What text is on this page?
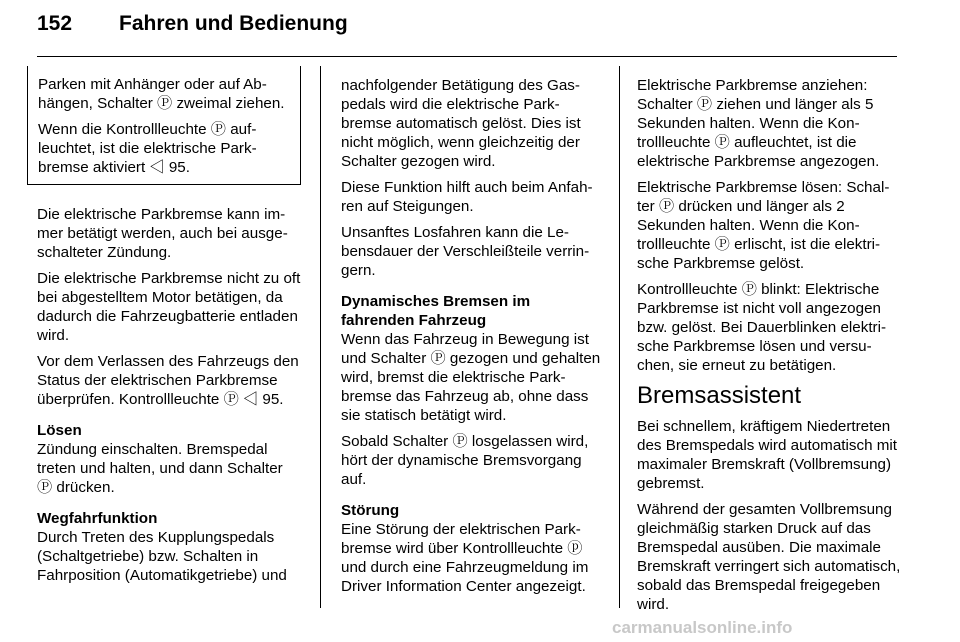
152 Fahren und Bedienung

Parken mit Anhänger oder auf Abhängen, Schalter Ⓟ zweimal ziehen.

Wenn die Kontrollleuchte Ⓟ aufleuchtet, ist die elektrische Parkbremse aktiviert ◁ 95.

Die elektrische Parkbremse kann immer betätigt werden, auch bei ausgeschalteter Zündung.

Die elektrische Parkbremse nicht zu oft bei abgestelltem Motor betätigen, da dadurch die Fahrzeugbatterie entladen wird.

Vor dem Verlassen des Fahrzeugs den Status der elektrischen Parkbremse überprüfen. Kontrollleuchte Ⓟ ◁ 95.

Lösen

Zündung einschalten. Bremspedal treten und halten, und dann Schalter Ⓟ drücken.

Wegfahrfunktion

Durch Treten des Kupplungspedals (Schaltgetriebe) bzw. Schalten in Fahrposition (Automatikgetriebe) und

nachfolgender Betätigung des Gaspedals wird die elektrische Parkbremse automatisch gelöst. Dies ist nicht möglich, wenn gleichzeitig der Schalter gezogen wird.

Diese Funktion hilft auch beim Anfahren auf Steigungen.

Unsanftes Losfahren kann die Lebensdauer der Verschleißteile verringern.

Dynamisches Bremsen im fahrenden Fahrzeug

Wenn das Fahrzeug in Bewegung ist und Schalter Ⓟ gezogen und gehalten wird, bremst die elektrische Parkbremse das Fahrzeug ab, ohne dass sie statisch betätigt wird.

Sobald Schalter Ⓟ losgelassen wird, hört der dynamische Bremsvorgang auf.

Störung

Eine Störung der elektrischen Parkbremse wird über Kontrollleuchte ⓟ und durch eine Fahrzeugmeldung im Driver Information Center angezeigt.

Elektrische Parkbremse anziehen: Schalter Ⓟ ziehen und länger als 5 Sekunden halten. Wenn die Kontrollleuchte Ⓟ aufleuchtet, ist die elektrische Parkbremse angezogen.

Elektrische Parkbremse lösen: Schalter Ⓟ drücken und länger als 2 Sekunden halten. Wenn die Kontrollleuchte Ⓟ erlischt, ist die elektrische Parkbremse gelöst.

Kontrollleuchte Ⓟ blinkt: Elektrische Parkbremse ist nicht voll angezogen bzw. gelöst. Bei Dauerblinken elektrische Parkbremse lösen und versuchen, sie erneut zu betätigen.

Bremsassistent

Bei schnellem, kräftigem Niedertreten des Bremspedals wird automatisch mit maximaler Bremskraft (Vollbremsung) gebremst.

Während der gesamten Vollbremsung gleichmäßig starken Druck auf das Bremspedal ausüben. Die maximale Bremskraft verringert sich automatisch, sobald das Bremspedal freigegeben wird.

carmanualsonline.info
